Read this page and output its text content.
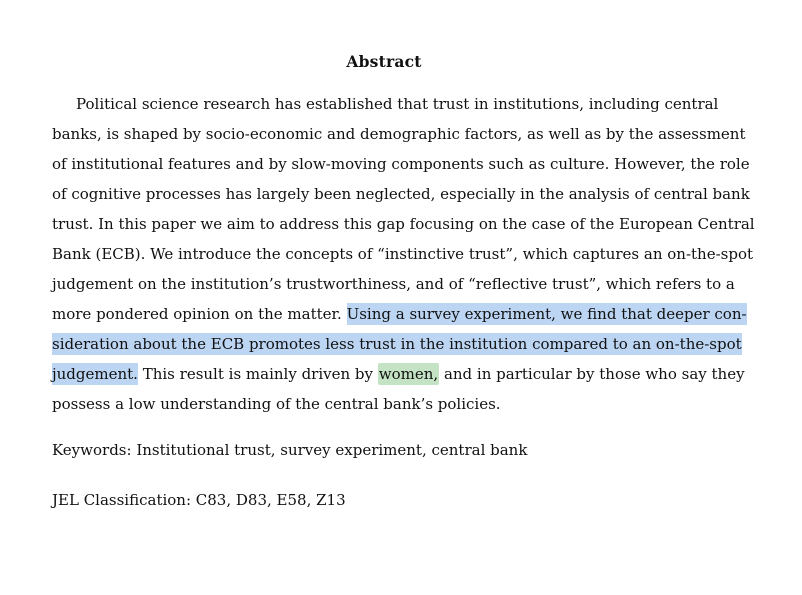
Abstract
Political science research has established that trust in institutions, including central
banks, is shaped by socio-economic and demographic factors, as well as by the assessment
of institutional features and by slow-moving components such as culture. However, the role
of cognitive processes has largely been neglected, especially in the analysis of central bank
trust. In this paper we aim to address this gap focusing on the case of the European Central
Bank (ECB). We introduce the concepts of “instinctive trust”, which captures an on-the-spot
judgement on the institution’s trustworthiness, and of “reflective trust”, which refers to a
more pondered opinion on the matter. Using a survey experiment, we find that deeper con-
sideration about the ECB promotes less trust in the institution compared to an on-the-spot
judgement. This result is mainly driven by women, and in particular by those who say they
possess a low understanding of the central bank’s policies.
Keywords: Institutional trust, survey experiment, central bank
JEL Classification: C83, D83, E58, Z13
